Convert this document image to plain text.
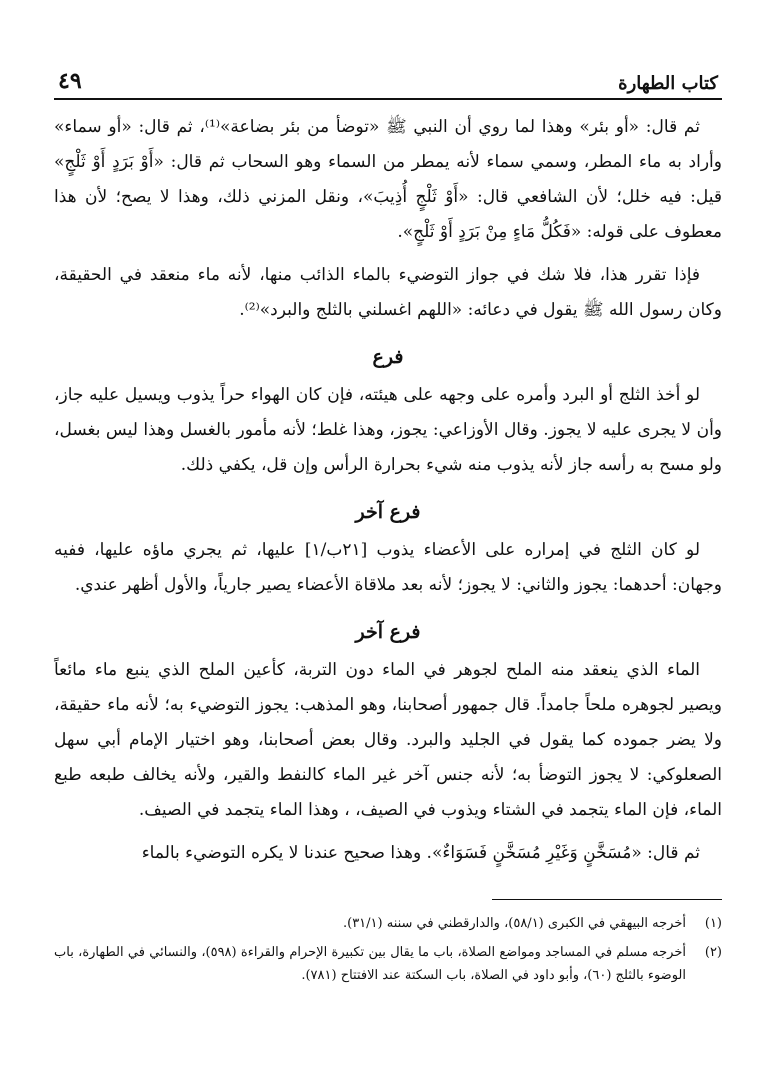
كتاب الطهارة
٤٩

ثم قال: «أو بئر» وهذا لما روي أن النبي ﷺ «توضأ من بئر بضاعة»⁽¹⁾، ثم قال: «أو سماء» وأراد به ماء المطر، وسمي سماء لأنه يمطر من السماء وهو السحاب ثم قال: «أَوْ بَرَدٍ أَوْ ثَلْجٍ» قيل: فيه خلل؛ لأن الشافعي قال: «أَوْ ثَلْجٍ أُذِيبَ»، ونقل المزني ذلك، وهذا لا يصح؛ لأن هذا معطوف على قوله: «فَكُلُّ مَاءٍ مِنْ بَرَدٍ أَوْ ثَلْجٍ».

فإذا تقرر هذا، فلا شك في جواز التوضيء بالماء الذائب منها، لأنه ماء منعقد في الحقيقة، وكان رسول الله ﷺ يقول في دعائه: «اللهم اغسلني بالثلج والبرد»⁽²⁾.

فرع

لو أخذ الثلج أو البرد وأمره على وجهه على هيئته، فإن كان الهواء حراً يذوب ويسيل عليه جاز، وأن لا يجرى عليه لا يجوز. وقال الأوزاعي: يجوز، وهذا غلط؛ لأنه مأمور بالغسل وهذا ليس بغسل، ولو مسح به رأسه جاز لأنه يذوب منه شيء بحرارة الرأس وإن قل، يكفي ذلك.

فرع آخر

لو كان الثلج في إمراره على الأعضاء يذوب [٢١ب/١] عليها، ثم يجري ماؤه عليها، ففيه وجهان: أحدهما: يجوز والثاني: لا يجوز؛ لأنه بعد ملاقاة الأعضاء يصير جارياً، والأول أظهر عندي.

فرع آخر

الماء الذي ينعقد منه الملح لجوهر في الماء دون التربة، كأعين الملح الذي ينبع ماء مائعاً ويصير لجوهره ملحاً جامداً. قال جمهور أصحابنا، وهو المذهب: يجوز التوضيء به؛ لأنه ماء حقيقة، ولا يضر جموده كما يقول في الجليد والبرد. وقال بعض أصحابنا، وهو اختيار الإمام أبي سهل الصعلوكي: لا يجوز التوضأ به؛ لأنه جنس آخر غير الماء كالنفط والقير، ولأنه يخالف طبعه طبع الماء، فإن الماء يتجمد في الشتاء ويذوب في الصيف، ، وهذا الماء يتجمد في الصيف.

ثم قال: «مُسَخَّنٍ وَغَيْرِ مُسَخَّنٍ فَسَوَاءٌ». وهذا صحيح عندنا لا يكره التوضيء بالماء

(١)
أخرجه البيهقي في الكبرى (٥٨/١)، والدارقطني في سننه (٣١/١).
(٢)
أخرجه مسلم في المساجد ومواضع الصلاة، باب ما يقال بين تكبيرة الإحرام والقراءة (٥٩٨)، والنسائي في الطهارة، باب الوضوء بالثلج (٦٠)، وأبو داود في الصلاة، باب السكتة عند الافتتاح (٧٨١).
